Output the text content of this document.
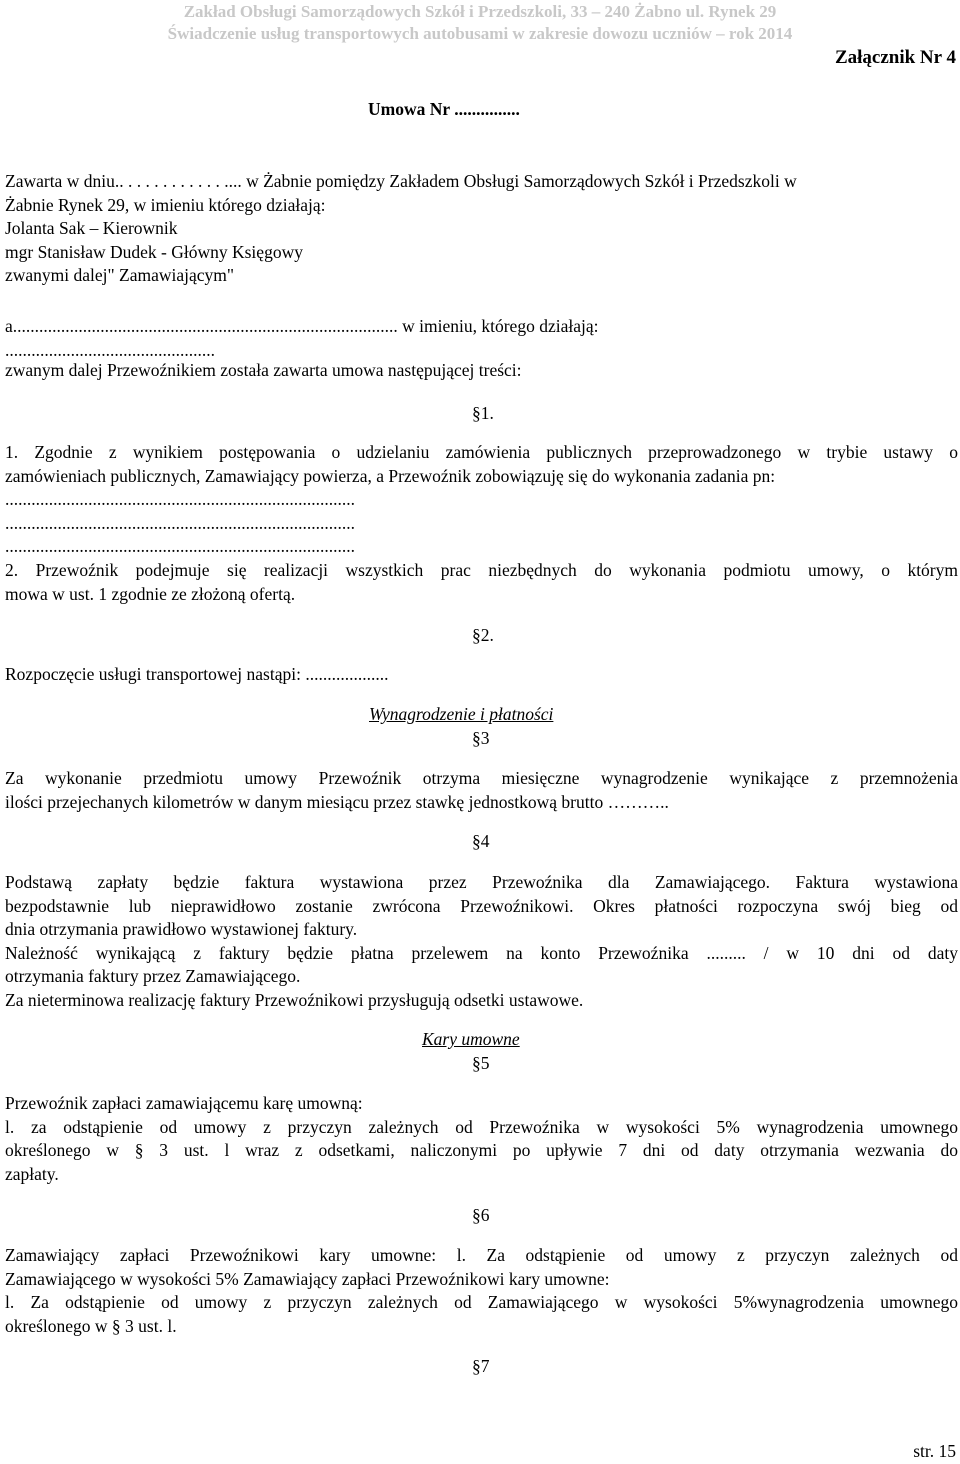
Zakład Obsługi Samorządowych Szkół i Przedszkoli, 33 – 240 Żabno ul. Rynek 29
Świadczenie usług transportowych autobusami w zakresie dowozu uczniów – rok 2014
Załącznik Nr 4
Umowa Nr ...............
Zawarta w dniu.. . . . . . . . . . . . .... w Żabnie pomiędzy Zakładem Obsługi Samorządowych Szkół i Przedszkoli w
Żabnie Rynek 29, w imieniu którego działają:
Jolanta Sak – Kierownik
mgr Stanisław Dudek - Główny Księgowy
zwanymi dalej" Zamawiającym"
a........................................................................................ w imieniu, którego działają:
................................................
zwanym dalej Przewoźnikiem została zawarta umowa następującej treści:
§1.
1. Zgodnie z wynikiem postępowania o udzielaniu zamówienia publicznych przeprowadzonego w trybie ustawy o
zamówieniach publicznych, Zamawiający powierza, a Przewoźnik zobowiązuję się do wykonania zadania pn:
................................................................................
................................................................................
................................................................................
2. Przewoźnik podejmuje się realizacji wszystkich prac niezbędnych do wykonania podmiotu umowy, o którym
mowa w ust. 1 zgodnie ze złożoną ofertą.
§2.
Rozpoczęcie usługi transportowej nastąpi: ...................
Wynagrodzenie i płatności
§3
Za wykonanie przedmiotu umowy Przewoźnik otrzyma miesięczne wynagrodzenie wynikające z przemnożenia
ilości przejechanych kilometrów w danym miesiącu przez stawkę jednostkową brutto ………..
§4
Podstawą zapłaty będzie faktura wystawiona przez Przewoźnika dla Zamawiającego. Faktura wystawiona
bezpodstawnie lub nieprawidłowo zostanie zwrócona Przewoźnikowi. Okres płatności rozpoczyna swój bieg od
dnia otrzymania prawidłowo wystawionej faktury.
Należność wynikającą z faktury będzie płatna przelewem na konto Przewoźnika ......... / w 10 dni od daty
otrzymania faktury przez Zamawiającego.
Za nieterminowa realizację faktury Przewoźnikowi przysługują odsetki ustawowe.
Kary umowne
§5
Przewoźnik zapłaci zamawiającemu karę umowną:
l. za odstąpienie od umowy z przyczyn zależnych od Przewoźnika w wysokości 5% wynagrodzenia umownego
określonego w § 3 ust. l wraz z odsetkami, naliczonymi po upływie 7 dni od daty otrzymania wezwania do
zapłaty.
§6
Zamawiający zapłaci Przewoźnikowi kary umowne: l. Za odstąpienie od umowy z przyczyn zależnych od
Zamawiającego w wysokości 5% Zamawiający zapłaci Przewoźnikowi kary umowne:
l. Za odstąpienie od umowy z przyczyn zależnych od Zamawiającego w wysokości 5%wynagrodzenia umownego
określonego w § 3 ust. l.
§7
str. 15
